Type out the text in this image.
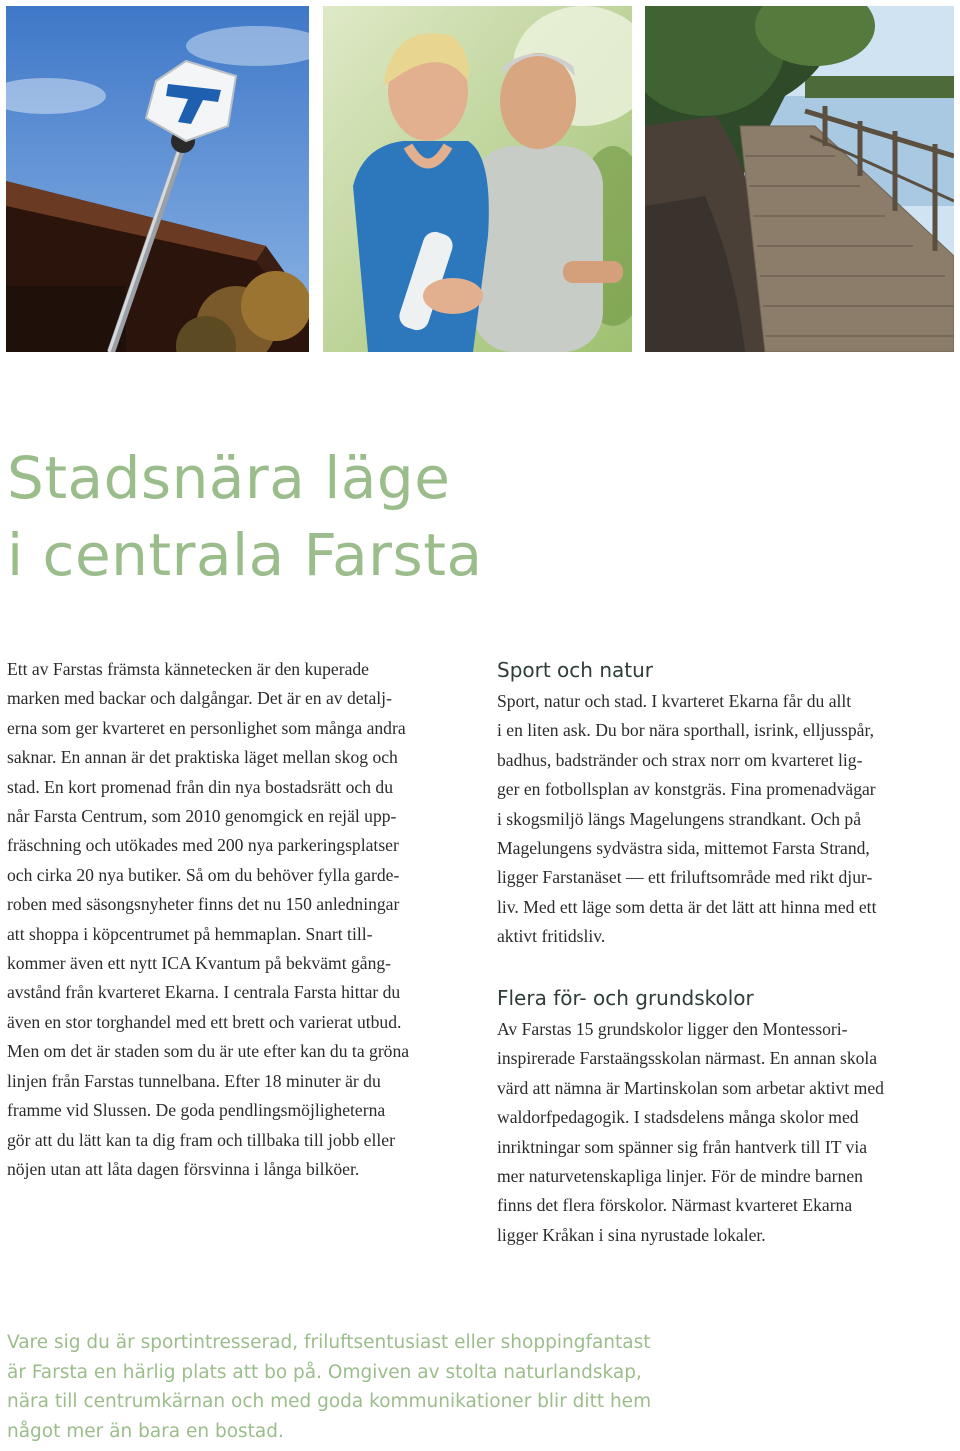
Stadsnära läge
i centrala Farsta
Ett av Farstas främsta kännetecken är den kuperade
marken med backar och dalgångar. Det är en av detalj-
erna som ger kvarteret en personlighet som många andra
saknar. En annan är det praktiska läget mellan skog och
stad. En kort promenad från din nya bostadsrätt och du
når Farsta Centrum, som 2010 genomgick en rejäl upp-
fräschning och utökades med 200 nya parkeringsplatser
och cirka 20 nya butiker. Så om du behöver fylla garde-
roben med säsongsnyheter finns det nu 150 anledningar
att shoppa i köpcentrumet på hemmaplan. Snart till-
kommer även ett nytt ICA Kvantum på bekvämt gång-
avstånd från kvarteret Ekarna. I centrala Farsta hittar du
även en stor torghandel med ett brett och varierat utbud.
Men om det är staden som du är ute efter kan du ta gröna
linjen från Farstas tunnelbana. Efter 18 minuter är du
framme vid Slussen. De goda pendlingsmöjligheterna
gör att du lätt kan ta dig fram och tillbaka till jobb eller
nöjen utan att låta dagen försvinna i långa bilköer.
Sport och natur
Sport, natur och stad. I kvarteret Ekarna får du allt
i en liten ask. Du bor nära sporthall, isrink, elljusspår,
badhus, badstränder och strax norr om kvarteret lig-
ger en fotbollsplan av konstgräs. Fina promenadvägar
i skogsmiljö längs Magelungens strandkant. Och på
Magelungens sydvästra sida, mittemot Farsta Strand,
ligger Farstanäset — ett friluftsområde med rikt djur-
liv. Med ett läge som detta är det lätt att hinna med ett
aktivt fritidsliv.
Flera för- och grundskolor
Av Farstas 15 grundskolor ligger den Montessori-
inspirerade Farstaängsskolan närmast. En annan skola
värd att nämna är Martinskolan som arbetar aktivt med
waldorfpedagogik. I stadsdelens många skolor med
inriktningar som spänner sig från hantverk till IT via
mer naturvetenskapliga linjer. För de mindre barnen
finns det flera förskolor. Närmast kvarteret Ekarna
ligger Kråkan i sina nyrustade lokaler.
Vare sig du är sportintresserad, friluftsentusiast eller shoppingfantast
är Farsta en härlig plats att bo på. Omgiven av stolta naturlandskap,
nära till centrumkärnan och med goda kommunikationer blir ditt hem
något mer än bara en bostad.
